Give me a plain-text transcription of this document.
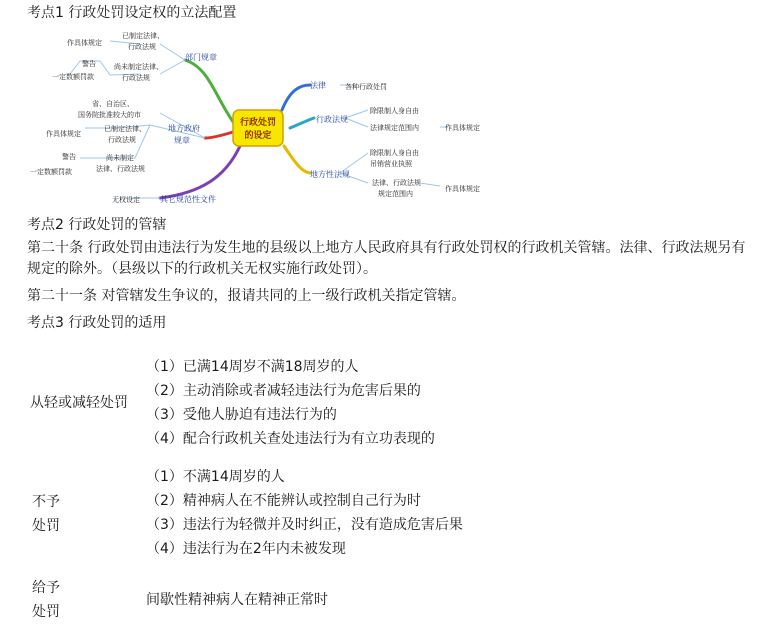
考点1 行政处罚设定权的立法配置
行政处罚
的设定
部门规章
地方政府
规章
其它规范性文件
法律
行政法规
地方性法规
作具体规定
已制定法律、
行政法规
警告	尚未制定法律、
行政法规
一定数额罚款
省、自治区、
国务院批准较大的市
作具体规定
已制定法律、
行政法规
警告	尚未制定
法律、行政法规
一定数额罚款
无权设定
各种行政处罚
除限制人身自由
法律规定范围内	作具体规定
除限制人身自由
吊销营业执照
法律、行政法规
规定范围内
作具体规定
考点2 行政处罚的管辖
第二十条 行政处罚由违法行为发生地的县级以上地方人民政府具有行政处罚权的行政机关管辖。法律、行政法规另有规定的除外。（县级以下的行政机关无权实施行政处罚）。
第二十一条 对管辖发生争议的，报请共同的上一级行政机关指定管辖。
考点3 行政处罚的适用
从轻或减轻处罚
（1）已满14周岁不满18周岁的人
（2）主动消除或者减轻违法行为危害后果的
（3）受他人胁迫有违法行为的
（4）配合行政机关查处违法行为有立功表现的
不予
处罚
（1）不满14周岁的人
（2）精神病人在不能辨认或控制自己行为时
（3）违法行为轻微并及时纠正，没有造成危害后果
（4）违法行为在2年内未被发现
给予
处罚
间歇性精神病人在精神正常时
